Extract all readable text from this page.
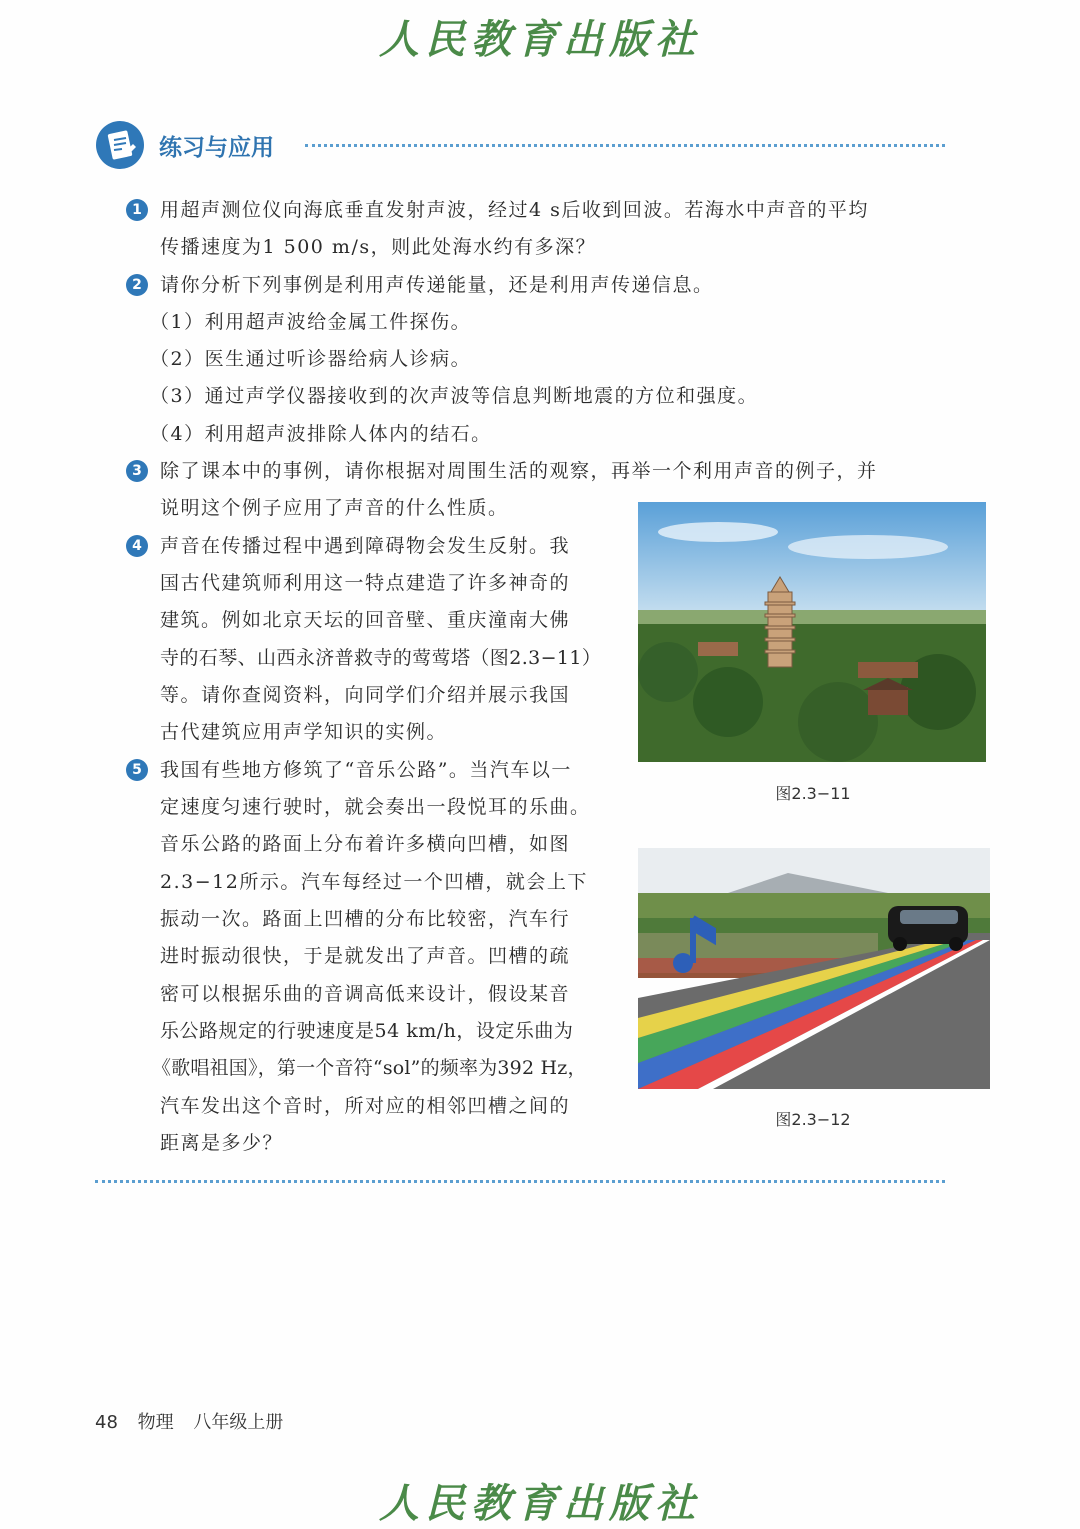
人民教育出版社
练习与应用
1 用超声测位仪向海底垂直发射声波，经过4 s后收到回波。若海水中声音的平均
传播速度为1 500 m/s，则此处海水约有多深？
2 请你分析下列事例是利用声传递能量，还是利用声传递信息。
（1）利用超声波给金属工件探伤。
（2）医生通过听诊器给病人诊病。
（3）通过声学仪器接收到的次声波等信息判断地震的方位和强度。
（4）利用超声波排除人体内的结石。
3 除了课本中的事例，请你根据对周围生活的观察，再举一个利用声音的例子，并
说明这个例子应用了声音的什么性质。
4 声音在传播过程中遇到障碍物会发生反射。我
国古代建筑师利用这一特点建造了许多神奇的
建筑。例如北京天坛的回音壁、重庆潼南大佛
寺的石琴、山西永济普救寺的莺莺塔（图2.3−11）
等。请你查阅资料，向同学们介绍并展示我国
古代建筑应用声学知识的实例。
5 我国有些地方修筑了“音乐公路”。当汽车以一
定速度匀速行驶时，就会奏出一段悦耳的乐曲。
音乐公路的路面上分布着许多横向凹槽，如图
2.3−12所示。汽车每经过一个凹槽，就会上下
振动一次。路面上凹槽的分布比较密，汽车行
进时振动很快，于是就发出了声音。凹槽的疏
密可以根据乐曲的音调高低来设计，假设某音
乐公路规定的行驶速度是54 km/h，设定乐曲为
《歌唱祖国》，第一个音符“sol”的频率为392 Hz，
汽车发出这个音时，所对应的相邻凹槽之间的
距离是多少？
图2.3−11
图2.3−12
48 物理 八年级上册
人民教育出版社
